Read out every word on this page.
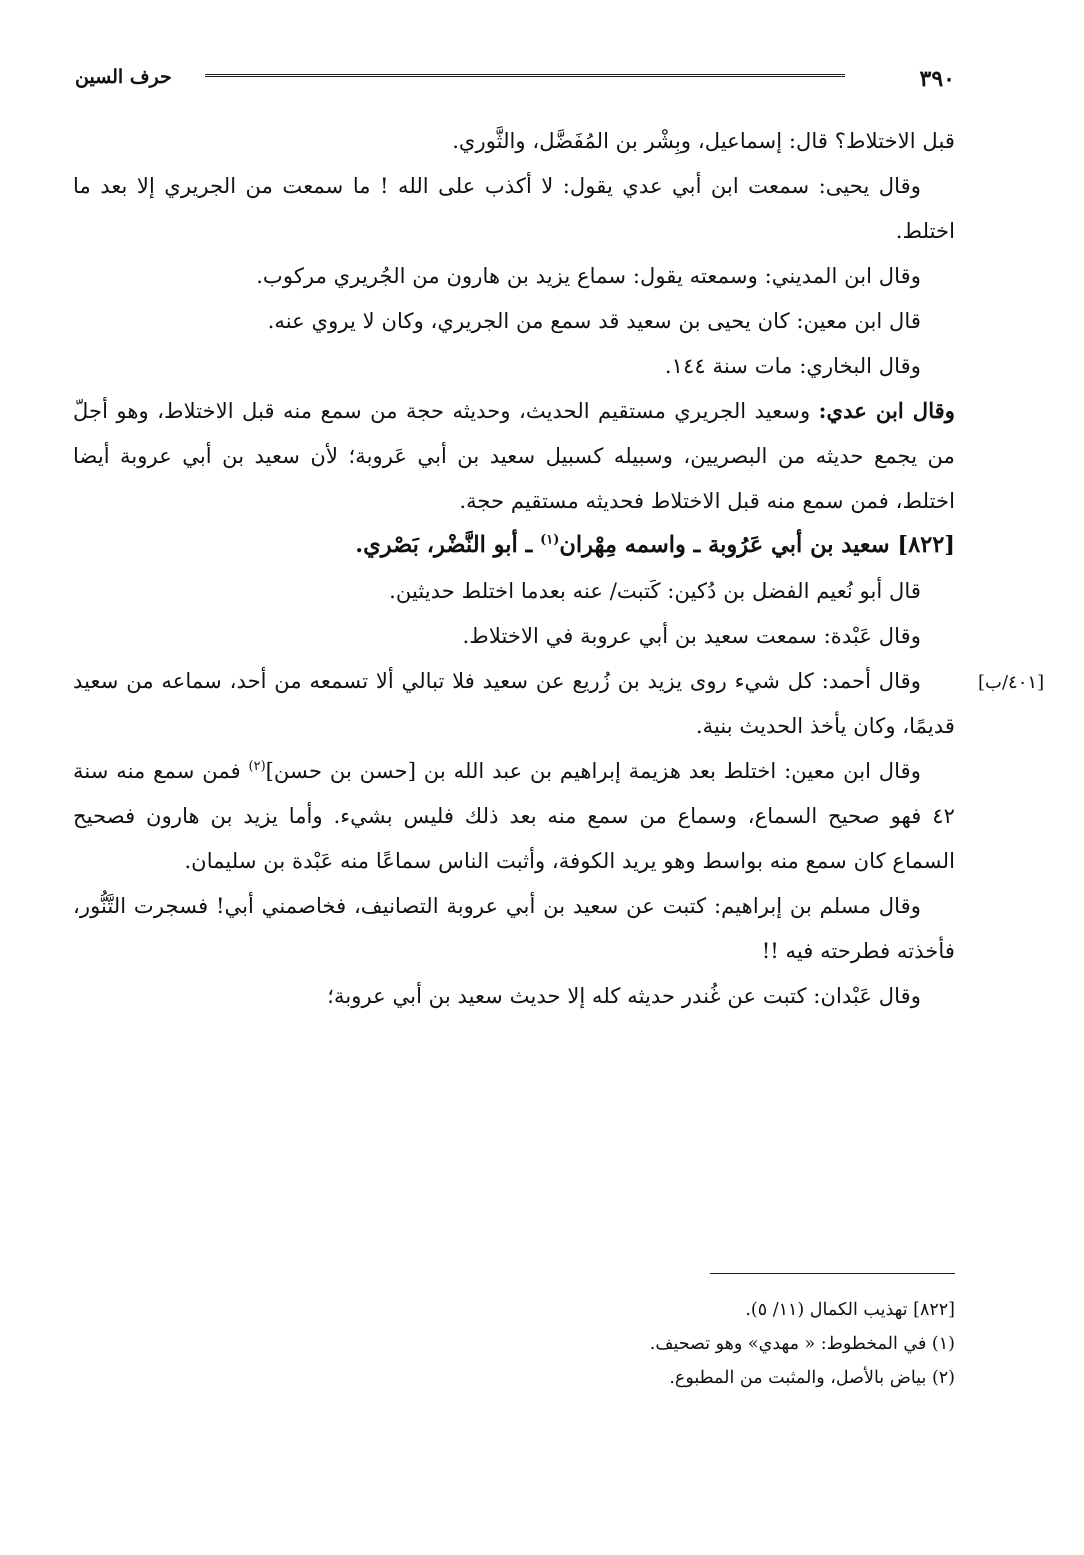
٣٩٠
حرف السين

قبل الاختلاط؟ قال: إسماعيل، وبِشْر بن المُفَضَّل، والثَّوري.

وقال يحيى: سمعت ابن أبي عدي يقول: لا أكذب على الله ! ما سمعت من الجريري إلا بعد ما اختلط.

وقال ابن المديني: وسمعته يقول: سماع يزيد بن هارون من الجُريري مركوب.

قال ابن معين: كان يحيى بن سعيد قد سمع من الجريري، وكان لا يروي عنه.

وقال البخاري: مات سنة ١٤٤.

وقال ابن عدي: وسعيد الجريري مستقيم الحديث، وحديثه حجة من سمع منه قبل الاختلاط، وهو أجلّ من يجمع حديثه من البصريين، وسبيله كسبيل سعيد بن أبي عَروبة؛ لأن سعيد بن أبي عروبة أيضا اختلط، فمن سمع منه قبل الاختلاط فحديثه مستقيم حجة.

[٨٢٢] سعيد بن أبي عَرُوبة ـ واسمه مِهْران$^{(١)}$ ـ أبو النَّضْر، بَصْري.

قال أبو نُعيم الفضل بن دُكين: كَتبت/ عنه بعدما اختلط حديثين.

وقال عَبْدة: سمعت سعيد بن أبي عروبة في الاختلاط.

وقال أحمد: كل شيء روى يزيد بن زُريع عن سعيد فلا تبالي ألا تسمعه من أحد، سماعه من سعيد قديمًا، وكان يأخذ الحديث بنية.

وقال ابن معين: اختلط بعد هزيمة إبراهيم بن عبد الله بن [حسن بن حسن]$^{(٢)}$ فمن سمع منه سنة ٤٢ فهو صحيح السماع، وسماع من سمع منه بعد ذلك فليس بشيء. وأما يزيد بن هارون فصحيح السماع كان سمع منه بواسط وهو يريد الكوفة، وأثبت الناس سماعًا منه عَبْدة بن سليمان.

وقال مسلم بن إبراهيم: كتبت عن سعيد بن أبي عروبة التصانيف، فخاصمني أبي! فسجرت التَّنُّور، فأخذته فطرحته فيه !!

وقال عَبْدان: كتبت عن غُندر حديثه كله إلا حديث سعيد بن أبي عروبة؛

[٤٠١/ب]

[٨٢٢] تهذيب الكمال (١١/ ٥).

(١) في المخطوط: « مهدي» وهو تصحيف.

(٢) بياض بالأصل، والمثبت من المطبوع.
